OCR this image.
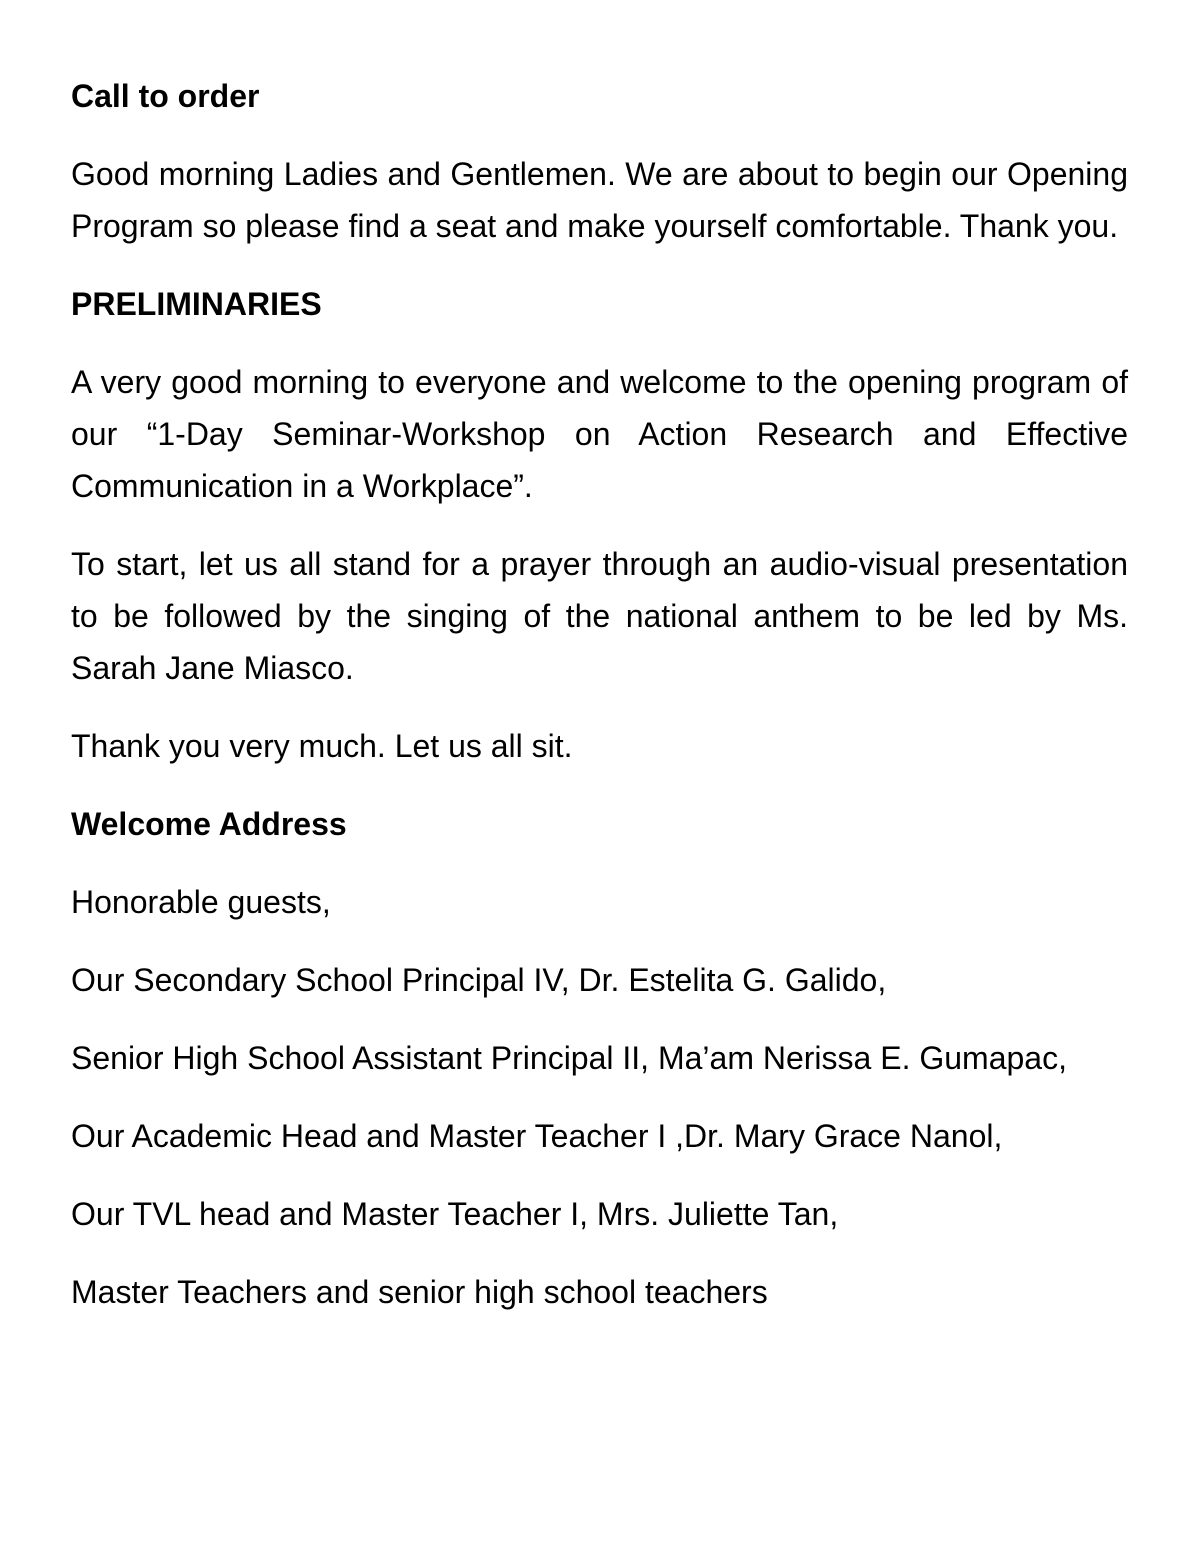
Call to order
Good morning Ladies and Gentlemen. We are about to begin our Opening Program so please find a seat and make yourself comfortable. Thank you.
PRELIMINARIES
A very good morning to everyone and welcome to the opening program of our “1-Day Seminar-Workshop on Action Research and Effective Communication in a Workplace”.
To start, let us all stand for a prayer through an audio-visual presentation to be followed by the singing of the national anthem to be led by Ms. Sarah Jane Miasco.
Thank you very much. Let us all sit.
Welcome Address
Honorable guests,
Our Secondary School Principal IV, Dr. Estelita G. Galido,
Senior High School Assistant Principal II, Ma’am Nerissa E. Gumapac,
Our Academic Head and Master Teacher I ,Dr. Mary Grace Nanol,
Our TVL head and Master Teacher I, Mrs. Juliette Tan,
Master Teachers and senior high school teachers
